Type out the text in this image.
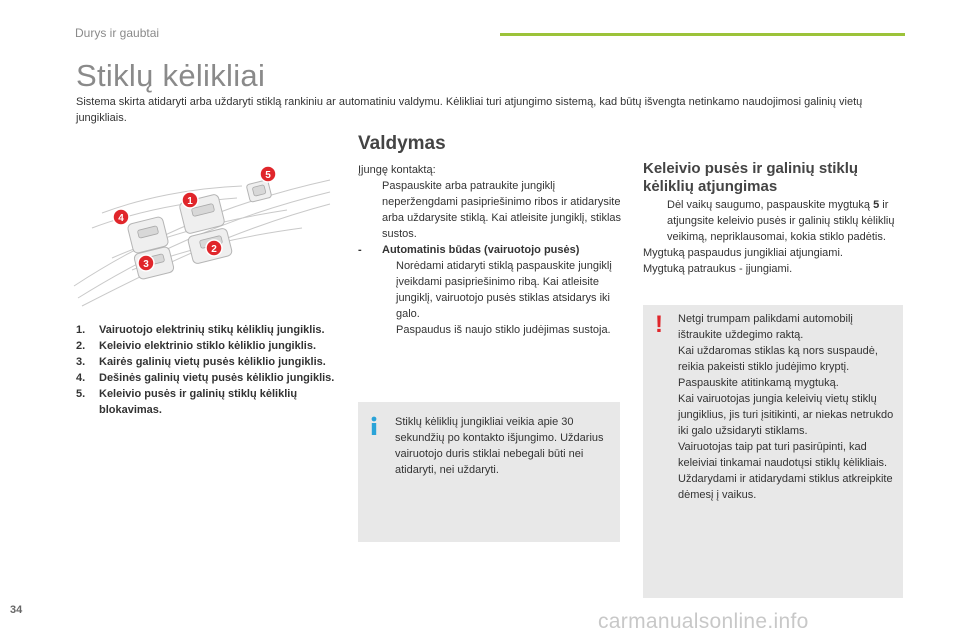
Durys ir gaubtai
Stiklų kėlikliai
Sistema skirta atidaryti arba uždaryti stiklą rankiniu ar automatiniu valdymu. Kėlikliai turi atjungimo sistemą, kad būtų išvengta netinkamo naudojimosi galinių vietų jungikliais.
1
2
3
4
5
1. Vairuotojo elektrinių stikų kėliklių jungiklis.
2. Keleivio elektrinio stiklo kėliklio jungiklis.
3. Kairės galinių vietų pusės kėliklio jungiklis.
4. Dešinės galinių vietų pusės kėliklio jungiklis.
5. Keleivio pusės ir galinių stiklų kėliklių blokavimas.
Valdymas
Įjungę kontaktą:
Paspauskite arba patraukite jungiklį neperžengdami pasipriešinimo ribos ir atidarysite arba uždarysite stiklą. Kai atleisite jungiklį, stiklas sustos.
- Automatinis būdas (vairuotojo pusės)
Norėdami atidaryti stiklą paspauskite jungiklį įveikdami pasipriešinimo ribą. Kai atleisite jungiklį, vairuotojo pusės stiklas atsidarys iki galo.
Paspaudus iš naujo stiklo judėjimas sustoja.
Stiklų kėliklių jungikliai veikia apie 30 sekundžių po kontakto išjungimo. Uždarius vairuotojo duris stiklai nebegali būti nei atidaryti, nei uždaryti.
Keleivio pusės ir galinių stiklų kėliklių atjungimas
Dėl vaikų saugumo, paspauskite mygtuką 5 ir atjungsite keleivio pusės ir galinių stiklų kėliklių veikimą, nepriklausomai, kokia stiklo padėtis.
Mygtuką paspaudus jungikliai atjungiami.
Mygtuką patraukus - įjungiami.
! Netgi trumpam palikdami automobilį ištraukite uždegimo raktą.
Kai uždaromas stiklas ką nors suspaudė, reikia pakeisti stiklo judėjimo kryptį. Paspauskite atitinkamą mygtuką.
Kai vairuotojas jungia keleivių vietų stiklų jungiklius, jis turi įsitikinti, ar niekas netrukdo iki galo užsidaryti stiklams.
Vairuotojas taip pat turi pasirūpinti, kad keleiviai tinkamai naudotųsi stiklų kėlikliais.
Uždarydami ir atidarydami stiklus atkreipkite dėmesį į vaikus.
34	carmanualsonline.info
